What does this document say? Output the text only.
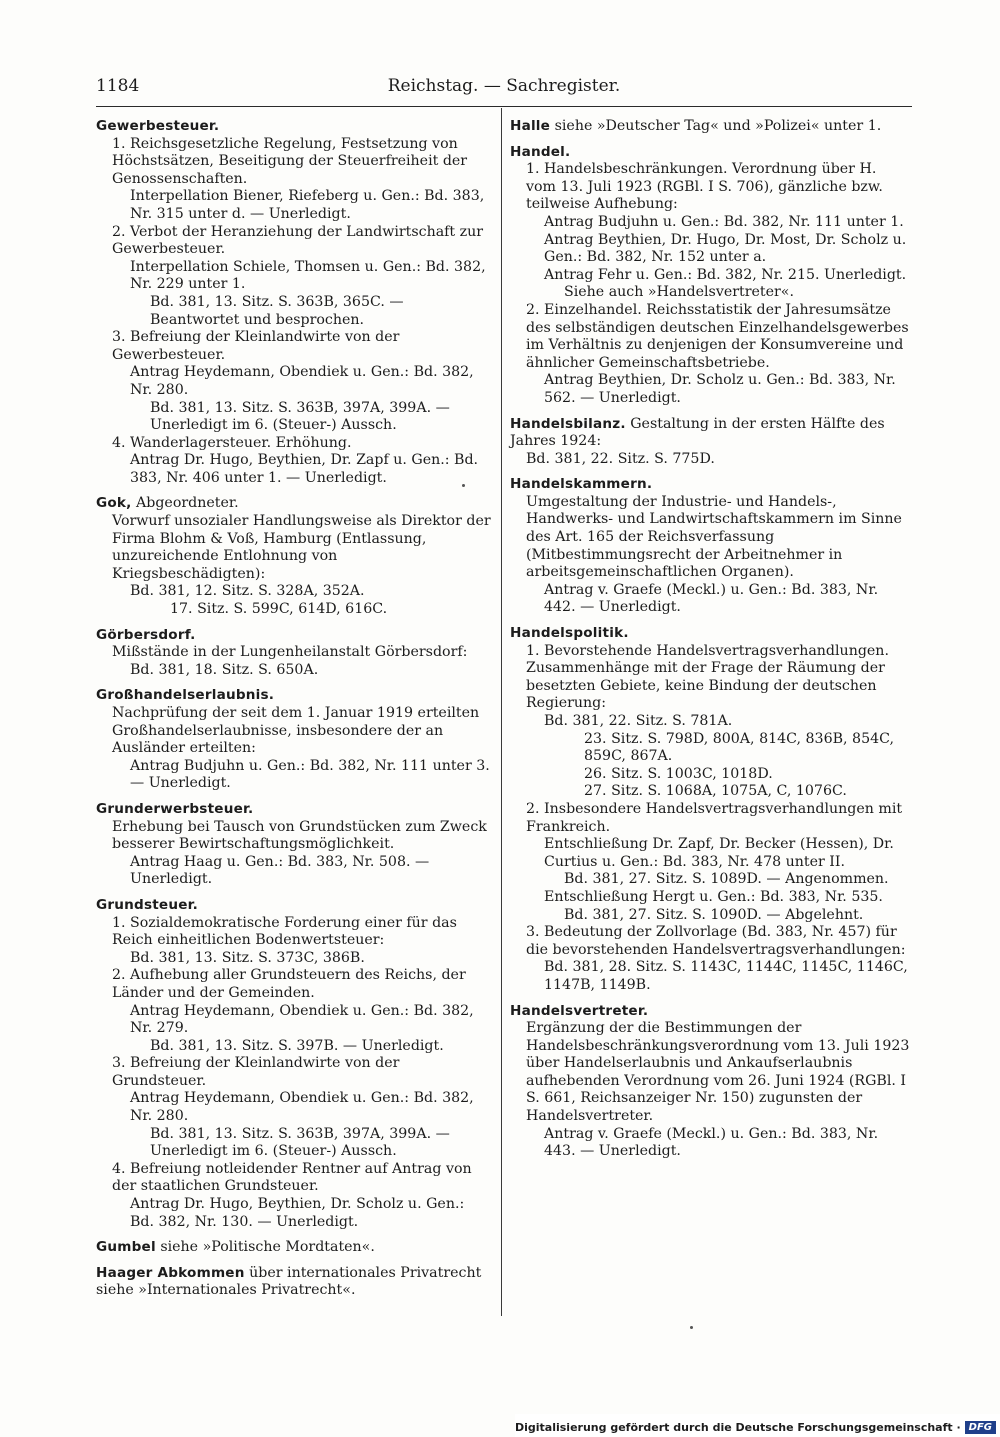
1184	Reichstag. — Sachregister.
Gewerbesteuer.
1. Reichsgesetzliche Regelung, Festsetzung von Höchstsätzen, Beseitigung der Steuerfreiheit der Genossenschaften.
Interpellation Biener, Riefeberg u. Gen.: Bd. 383, Nr. 315 unter d. — Unerledigt.
2. Verbot der Heranziehung der Landwirtschaft zur Gewerbesteuer.
Interpellation Schiele, Thomsen u. Gen.: Bd. 382, Nr. 229 unter 1.
Bd. 381, 13. Sitz. S. 363B, 365C. — Beantwortet und besprochen.
3. Befreiung der Kleinlandwirte von der Gewerbesteuer.
Antrag Heydemann, Obendiek u. Gen.: Bd. 382, Nr. 280.
Bd. 381, 13. Sitz. S. 363B, 397A, 399A. — Unerledigt im 6. (Steuer-) Aussch.
4. Wanderlagersteuer. Erhöhung.
Antrag Dr. Hugo, Beythien, Dr. Zapf u. Gen.: Bd. 383, Nr. 406 unter 1. — Unerledigt.
Gok, Abgeordneter.
Vorwurf unsozialer Handlungsweise als Direktor der Firma Blohm & Voß, Hamburg (Entlassung, unzureichende Entlohnung von Kriegsbeschädigten):
Bd. 381, 12. Sitz. S. 328A, 352A.
17. Sitz. S. 599C, 614D, 616C.
Görbersdorf.
Mißstände in der Lungenheilanstalt Görbersdorf:
Bd. 381, 18. Sitz. S. 650A.
Großhandelserlaubnis.
Nachprüfung der seit dem 1. Januar 1919 erteilten Großhandelserlaubnisse, insbesondere der an Ausländer erteilten:
Antrag Budjuhn u. Gen.: Bd. 382, Nr. 111 unter 3. — Unerledigt.
Grunderwerbsteuer.
Erhebung bei Tausch von Grundstücken zum Zweck besserer Bewirtschaftungsmöglichkeit.
Antrag Haag u. Gen.: Bd. 383, Nr. 508. — Unerledigt.
Grundsteuer.
1. Sozialdemokratische Forderung einer für das Reich einheitlichen Bodenwertsteuer:
Bd. 381, 13. Sitz. S. 373C, 386B.
2. Aufhebung aller Grundsteuern des Reichs, der Länder und der Gemeinden.
Antrag Heydemann, Obendiek u. Gen.: Bd. 382, Nr. 279.
Bd. 381, 13. Sitz. S. 397B. — Unerledigt.
3. Befreiung der Kleinlandwirte von der Grundsteuer.
Antrag Heydemann, Obendiek u. Gen.: Bd. 382, Nr. 280.
Bd. 381, 13. Sitz. S. 363B, 397A, 399A. — Unerledigt im 6. (Steuer-) Aussch.
4. Befreiung notleidender Rentner auf Antrag von der staatlichen Grundsteuer.
Antrag Dr. Hugo, Beythien, Dr. Scholz u. Gen.: Bd. 382, Nr. 130. — Unerledigt.
Gumbel siehe »Politische Mordtaten«.
Haager Abkommen über internationales Privatrecht siehe »Internationales Privatrecht«.
Halle siehe »Deutscher Tag« und »Polizei« unter 1.
Handel.
1. Handelsbeschränkungen. Verordnung über H. vom 13. Juli 1923 (RGBl. I S. 706), gänzliche bzw. teilweise Aufhebung:
Antrag Budjuhn u. Gen.: Bd. 382, Nr. 111 unter 1.
Antrag Beythien, Dr. Hugo, Dr. Most, Dr. Scholz u. Gen.: Bd. 382, Nr. 152 unter a.
Antrag Fehr u. Gen.: Bd. 382, Nr. 215. Unerledigt.
Siehe auch »Handelsvertreter«.
2. Einzelhandel. Reichsstatistik der Jahresumsätze des selbständigen deutschen Einzelhandelsgewerbes im Verhältnis zu denjenigen der Konsumvereine und ähnlicher Gemeinschaftsbetriebe.
Antrag Beythien, Dr. Scholz u. Gen.: Bd. 383, Nr. 562. — Unerledigt.
Handelsbilanz. Gestaltung in der ersten Hälfte des Jahres 1924:
Bd. 381, 22. Sitz. S. 775D.
Handelskammern.
Umgestaltung der Industrie- und Handels-, Handwerks- und Landwirtschaftskammern im Sinne des Art. 165 der Reichsverfassung (Mitbestimmungsrecht der Arbeitnehmer in arbeitsgemeinschaftlichen Organen).
Antrag v. Graefe (Meckl.) u. Gen.: Bd. 383, Nr. 442. — Unerledigt.
Handelspolitik.
1. Bevorstehende Handelsvertragsverhandlungen. Zusammenhänge mit der Frage der Räumung der besetzten Gebiete, keine Bindung der deutschen Regierung:
Bd. 381, 22. Sitz. S. 781A.
23. Sitz. S. 798D, 800A, 814C, 836B, 854C, 859C, 867A.
26. Sitz. S. 1003C, 1018D.
27. Sitz. S. 1068A, 1075A, C, 1076C.
2. Insbesondere Handelsvertragsverhandlungen mit Frankreich.
Entschließung Dr. Zapf, Dr. Becker (Hessen), Dr. Curtius u. Gen.: Bd. 383, Nr. 478 unter II.
Bd. 381, 27. Sitz. S. 1089D. — Angenommen.
Entschließung Hergt u. Gen.: Bd. 383, Nr. 535.
Bd. 381, 27. Sitz. S. 1090D. — Abgelehnt.
3. Bedeutung der Zollvorlage (Bd. 383, Nr. 457) für die bevorstehenden Handelsvertragsverhandlungen:
Bd. 381, 28. Sitz. S. 1143C, 1144C, 1145C, 1146C, 1147B, 1149B.
Handelsvertreter.
Ergänzung der die Bestimmungen der Handelsbeschränkungsverordnung vom 13. Juli 1923 über Handelserlaubnis und Ankaufserlaubnis aufhebenden Verordnung vom 26. Juni 1924 (RGBl. I S. 661, Reichsanzeiger Nr. 150) zugunsten der Handelsvertreter.
Antrag v. Graefe (Meckl.) u. Gen.: Bd. 383, Nr. 443. — Unerledigt.
Digitalisierung gefördert durch die Deutsche Forschungsgemeinschaft · DFG
